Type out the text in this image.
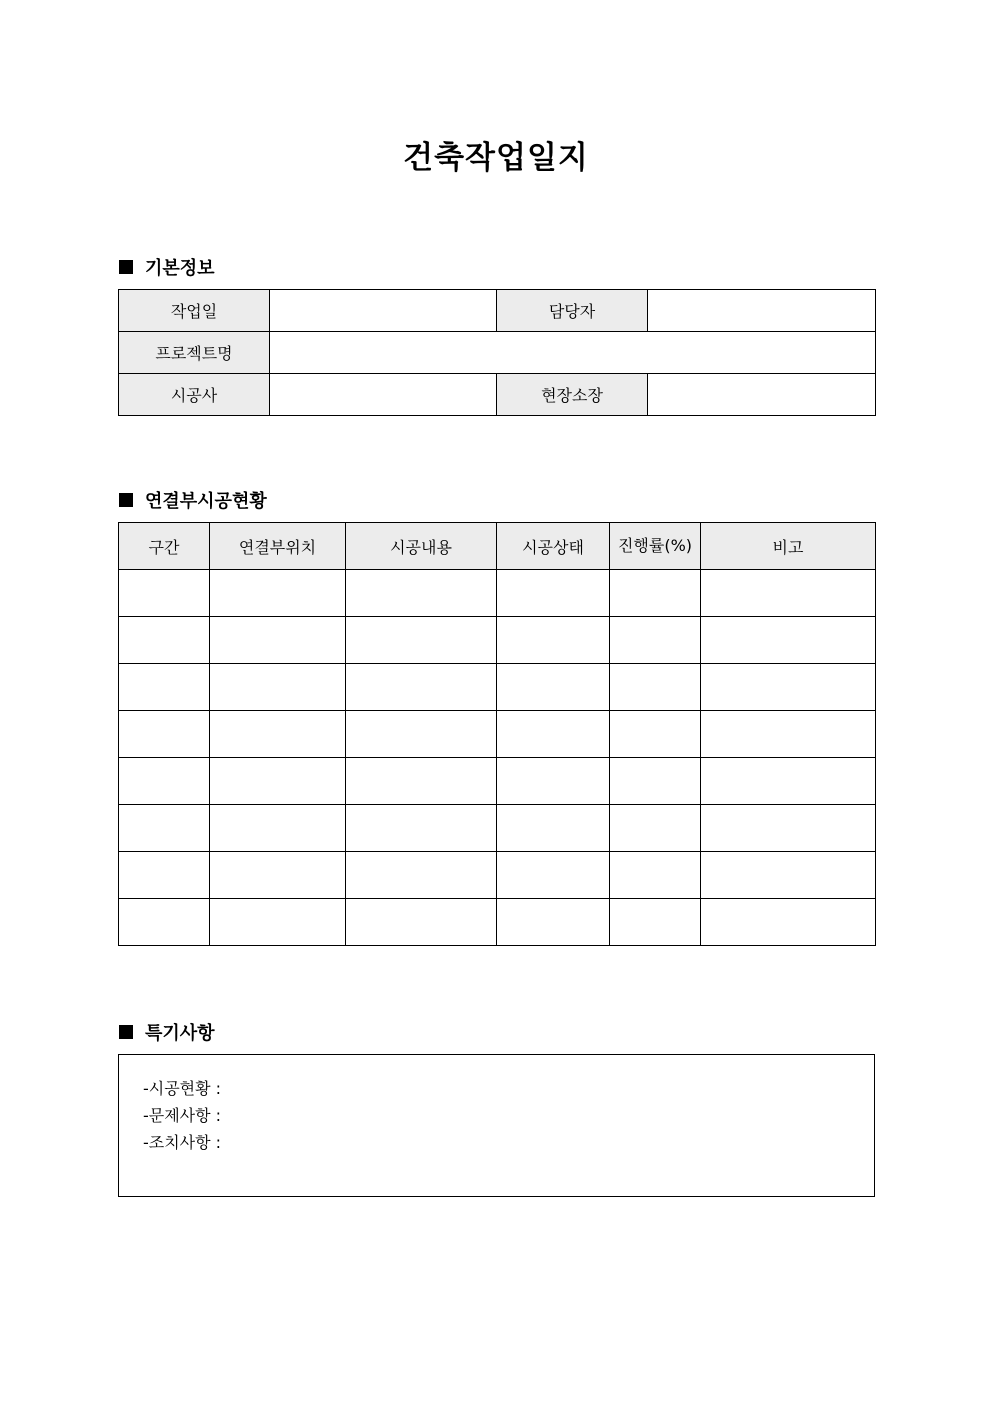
건축작업일지
기본정보
작업일		담당자	
프로젝트명			
시공사		현장소장	
연결부시공현황
구간	연결부위치	시공내용	시공상태	진행률(%)	비고

특기사항
-시공현황 :
-문제사항 :
-조치사항 :
